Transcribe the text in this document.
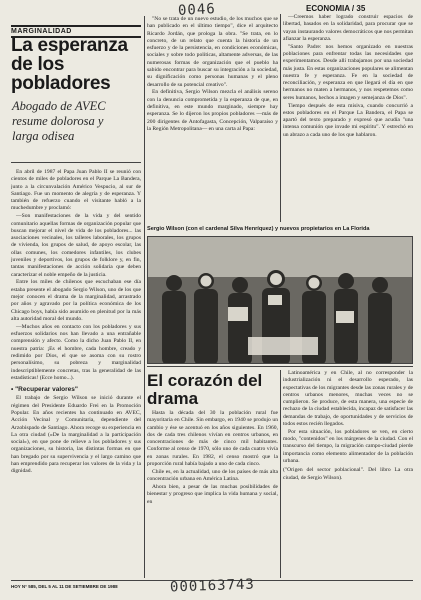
0046	ECONOMIA / 35
MARGINALIDAD
La esperanza de los pobladores
Abogado de AVEC resume dolorosa y larga odisea

En abril de 1987 el Papa Juan Pablo II se reunió con cientos de miles de pobladores en el Parque La Bandera, junto a la circunvalación Américo Vespucio, al sur de Santiago. Fue un momento de alegría y de esperanza. Y también de refuerzo cuando el visitante habló a la muchedumbre y proclamó:

—Son manifestaciones de la vida y del sentido comunitario aquellas formas de organización popular que buscan mejorar el nivel de vida de los pobladores... las asociaciones vecinales, los talleres laborales, los grupos de vivienda, los grupos de salud, de apoyo escolar, las ollas comunes, los comedores infantiles, los clubes juveniles y deportivos, los grupos de folklore y, en fin, tantas manifestaciones de acción solidaria que deben caracterizar el noble empeño de la justicia.

Entre los miles de chilenos que escuchaban ese día estaba presente el abogado Sergio Wilson, uno de los que mejor conocen el drama de la marginalidad, arrastrado por años y agravado por la política económica de los Chicago boys, había sido asumido en plenitud por la más alta autoridad moral del mundo.

—Muchos años en contacto con los pobladores y sus esfuerzos solidarios nos han llevado a una entrañable comprensión y afecto. Como la dicho Juan Pablo II, en nuestra patria: ¡Es el hombre, cada hombre, creado y redimido por Dios, el que se asoma con su rostro personalísimo, su pobreza y marginalidad indescriptiblemente concretas, tras la generalidad de las estadísticas! (Ecce homo...).

• "Recuperar valores"

El trabajo de Sergio Wilson se inició durante el régimen del Presidente Eduardo Frei en la Promoción Popular. En años recientes ha continuado en AVEC, Acción Vecinal y Comunitaria, dependiente del Arzobispado de Santiago. Ahora recoge su experiencia en La otra ciudad («De la marginalidad a la participación social»), en que pone de relieve a los pobladores y sus organizaciones, su historia, las distintas formas en que han bregado por su supervivencia y el largo camino que han emprendido para recuperar los valores de la vida y la dignidad.

"No se trata de un nuevo estudio, de los muchos que se han publicado en el último tiempo", dice el arquitecto Ricardo Jordán, que prologa la obra. "Se trata, en lo concreto, de un relato que cuenta la historia de un esfuerzo y de la persistencia, en condiciones económicas, sociales y sobre todo políticas, altamente adversas, de las numerosas formas de organización que el pueblo ha sabido encontrar para buscar su integración a la sociedad, su dignificación como personas humanas y el pleno desarrollo de su potencial creativo".

En definitiva, Sergio Wilson mezcla el análisis sereno con la denuncia comprometida y la esperanza de que, en definitiva, en este mundo marginado, siempre hay esperanza. Se lo dijeron los propios pobladores —más de 200 dirigentes de Antofagasta, Concepción, Valparaíso y la Región Metropolitana— en una carta al Papa:

—Creemos haber logrado construir espacios de libertad, basados en la solidaridad, para procurar que se vayan instaurando valores democráticos que nos permitan afianzar la esperanza.

"Santo Padre: nos hemos organizado en nuestras poblaciones para enfrentar todas las necesidades que experimentamos. Desde allí trabajamos por una sociedad más justa. En estas organizaciones populares se alimentan nuestra fe y esperanza. Fe en la sociedad de reconciliación, y esperanza en que llegará el día en que hermanos no maten a hermanos, y nos respetemos como seres humanos, hechos a imagen y semejanza de Dios".

Tiempo después de esta misiva, cuando concurrió a estos pobladores en el Parque La Bandera, el Papa se apartó del texto preparado y expresó que acudía "una intensa comunión que invade mi espíritu". Y estrechó en un abrazo a cada uno de los que hablaron.

Sergio Wilson (con el cardenal Silva Henríquez) y nuevos propietarios en La Florida
El corazón del drama

Hasta la década del 30 la población rural fue mayoritaria en Chile. Sin embargo, en 1940 se produjo un cambio y ése se acentuó en los años siguientes. En 1960, dos de cada tres chilenos vivían en centros urbanos, en concentraciones de más de cinco mil habitantes. Conforme al censo de 1970, sólo uno de cada cuatro vivía en zonas rurales. En 1982, el censo mostró que la proporción rural había bajado a uno de cada cinco.

Chile es, en la actualidad, uno de los países de más alta concentración urbana en América Latina.

Ahora bien, a pesar de las muchas posibilidades de bienestar y progreso que implica la vida humana y social, en

Latinoamérica y en Chile, al no corresponder la industrialización ni el desarrollo esperado, las expectativas de los migrantes desde las zonas rurales y de centros urbanos menores, muchas veces no se cumplieron. Se produce, de esta manera, una especie de rechazo de la ciudad establecida, incapaz de satisfacer las demandas de trabajo, de oportunidades y de servicios de todos estos recién llegados.

Por esta situación, los pobladores se ven, en cierto modo, "contenidos" en los márgenes de la ciudad. Con el transcurso del tiempo, la migración campo-ciudad pierde importancia como elemento alimentador de la población urbana.

("Origen del sector poblacional". Del libro La otra ciudad, de Sergio Wilson).

HOY N° 585, DEL 5 AL 11 DE SETIEMBRE DE 1988	000163743
